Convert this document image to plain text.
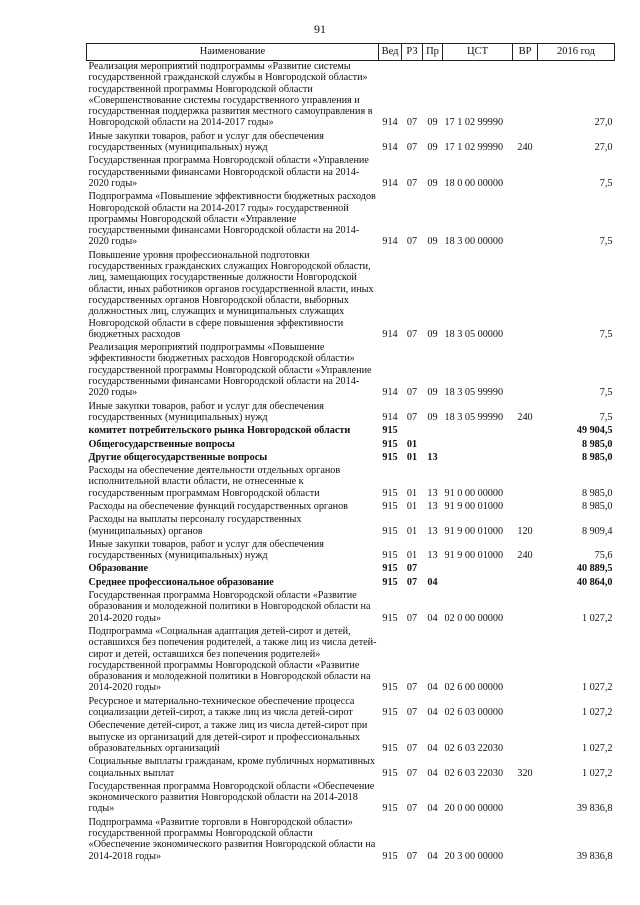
91
Наименование	Вед	РЗ	Пр	ЦСТ	ВР	2016 год
Реализация мероприятий подпрограммы «Развитие системы государственной гражданской службы в Новгородской области» государственной программы Новгородской области «Совершенствование системы государственного управления и государственная поддержка развития местного самоуправления в Новгородской области на 2014-2017 годы»	914	07	09	17 1 02 99990		27,0
Иные закупки товаров, работ и услуг для обеспечения государственных (муниципальных) нужд	914	07	09	17 1 02 99990	240	27,0
Государственная программа Новгородской области «Управление государственными финансами Новгородской области на 2014-2020 годы»	914	07	09	18 0 00 00000		7,5
Подпрограмма «Повышение эффективности бюджетных расходов Новгородской области на 2014-2017 годы» государственной программы Новгородской области «Управление государственными финансами Новгородской области на 2014-2020 годы»	914	07	09	18 3 00 00000		7,5
Повышение уровня профессиональной подготовки государственных гражданских служащих Новгородской области, лиц, замещающих государственные должности Новгородской области, иных работников органов государственной власти, иных государственных органов Новгородской области, выборных должностных лиц, служащих и муниципальных служащих Новгородской области в сфере повышения эффективности бюджетных расходов	914	07	09	18 3 05 00000		7,5
Реализация мероприятий подпрограммы «Повышение эффективности бюджетных расходов Новгородской области» государственной программы Новгородской области «Управление государственными финансами Новгородской области на 2014-2020 годы»	914	07	09	18 3 05 99990		7,5
Иные закупки товаров, работ и услуг для обеспечения государственных (муниципальных) нужд	914	07	09	18 3 05 99990	240	7,5
комитет потребительского рынка Новгородской области	915					49 904,5
Общегосударственные вопросы	915	01				8 985,0
Другие общегосударственные вопросы	915	01	13			8 985,0
Расходы на обеспечение деятельности отдельных органов исполнительной власти области, не отнесенные к государственным программам Новгородской области	915	01	13	91 0 00 00000		8 985,0
Расходы на обеспечение функций государственных органов	915	01	13	91 9 00 01000		8 985,0
Расходы на выплаты персоналу государственных (муниципальных) органов	915	01	13	91 9 00 01000	120	8 909,4
Иные закупки товаров, работ и услуг для обеспечения государственных (муниципальных) нужд	915	01	13	91 9 00 01000	240	75,6
Образование	915	07				40 889,5
Среднее профессиональное образование	915	07	04			40 864,0
Государственная программа Новгородской области «Развитие образования и молодежной политики в Новгородской области на 2014-2020 годы»	915	07	04	02 0 00 00000		1 027,2
Подпрограмма «Социальная адаптация детей-сирот и детей, оставшихся без попечения родителей, а также лиц из числа детей-сирот и детей, оставшихся без попечения родителей» государственной программы Новгородской области «Развитие образования и молодежной политики в Новгородской области на 2014-2020 годы»	915	07	04	02 6 00 00000		1 027,2
Ресурсное и материально-техническое обеспечение процесса социализации детей-сирот, а также лиц из числа детей-сирот	915	07	04	02 6 03 00000		1 027,2
Обеспечение детей-сирот, а также лиц из числа детей-сирот при выпуске из организаций для детей-сирот и профессиональных образовательных организаций	915	07	04	02 6 03 22030		1 027,2
Социальные выплаты гражданам, кроме публичных нормативных социальных выплат	915	07	04	02 6 03 22030	320	1 027,2
Государственная программа Новгородской области «Обеспечение экономического развития Новгородской области на 2014-2018 годы»	915	07	04	20 0 00 00000		39 836,8
Подпрограмма «Развитие торговли в Новгородской области» государственной программы Новгородской области «Обеспечение экономического развития Новгородской области на 2014-2018 годы»	915	07	04	20 3 00 00000		39 836,8
